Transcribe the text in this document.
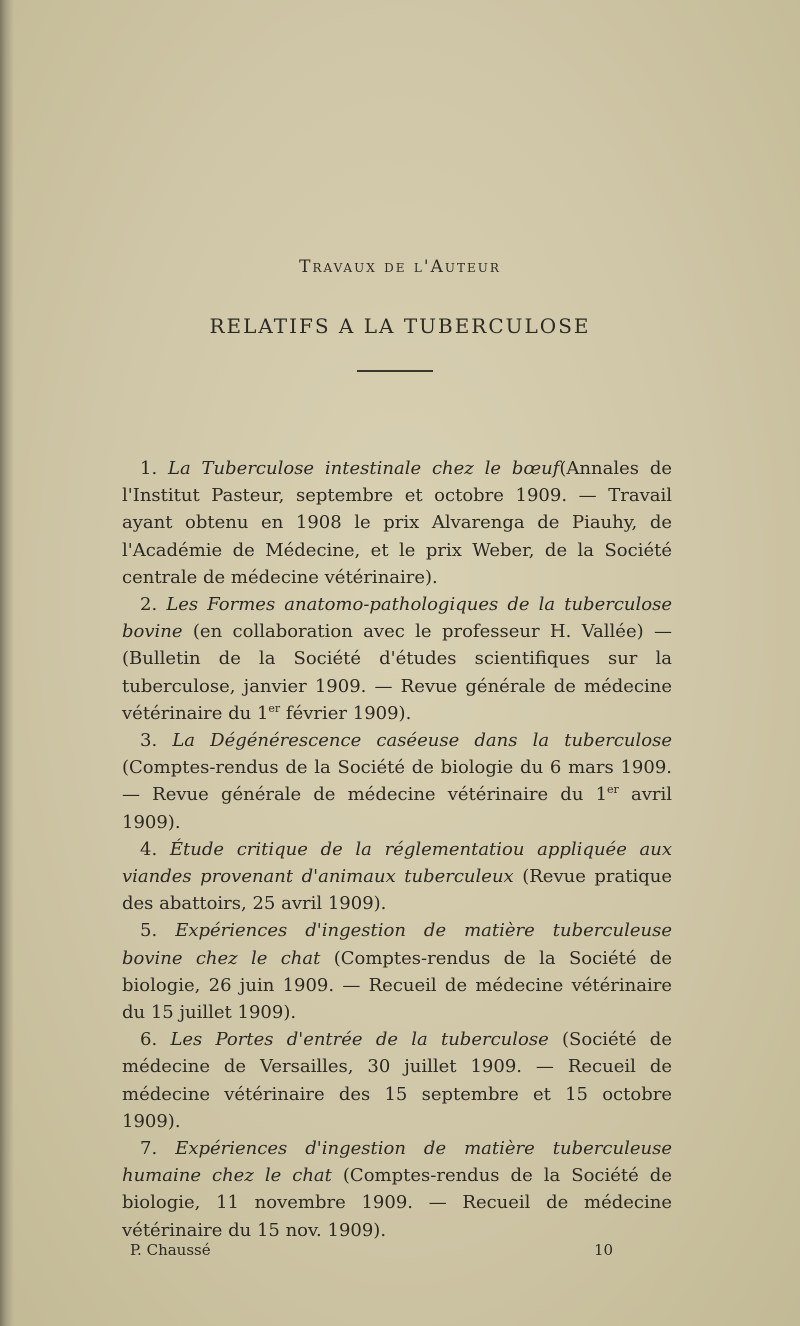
Travaux de l'Auteur
RELATIFS A LA TUBERCULOSE

1. La Tuberculose intestinale chez le bœuf(Annales de l'Institut Pasteur, septembre et octobre 1909. — Travail ayant obtenu en 1908 le prix Alvarenga de Piauhy, de l'Académie de Médecine, et le prix Weber, de la Société centrale de médecine vétérinaire).

2. Les Formes anatomo-pathologiques de la tuberculose bovine (en collaboration avec le professeur H. Vallée) — (Bulletin de la Société d'études scientifiques sur la tuberculose, janvier 1909. — Revue générale de médecine vétérinaire du 1er février 1909).

3. La Dégénérescence caséeuse dans la tuberculose (Comptes-rendus de la Société de biologie du 6 mars 1909. — Revue générale de médecine vétérinaire du 1er avril 1909).

4. Étude critique de la réglementatiou appliquée aux viandes provenant d'animaux tuberculeux (Revue pratique des abattoirs, 25 avril 1909).

5. Expériences d'ingestion de matière tuberculeuse bovine chez le chat (Comptes-rendus de la Société de biologie, 26 juin 1909. — Recueil de médecine vétérinaire du 15 juillet 1909).

6. Les Portes d'entrée de la tuberculose (Société de médecine de Versailles, 30 juillet 1909. — Recueil de médecine vétérinaire des 15 septembre et 15 octobre 1909).

7. Expériences d'ingestion de matière tuberculeuse humaine chez le chat (Comptes-rendus de la Société de biologie, 11 novembre 1909. — Recueil de médecine vétérinaire du 15 nov. 1909).

P. Chaussé	10
